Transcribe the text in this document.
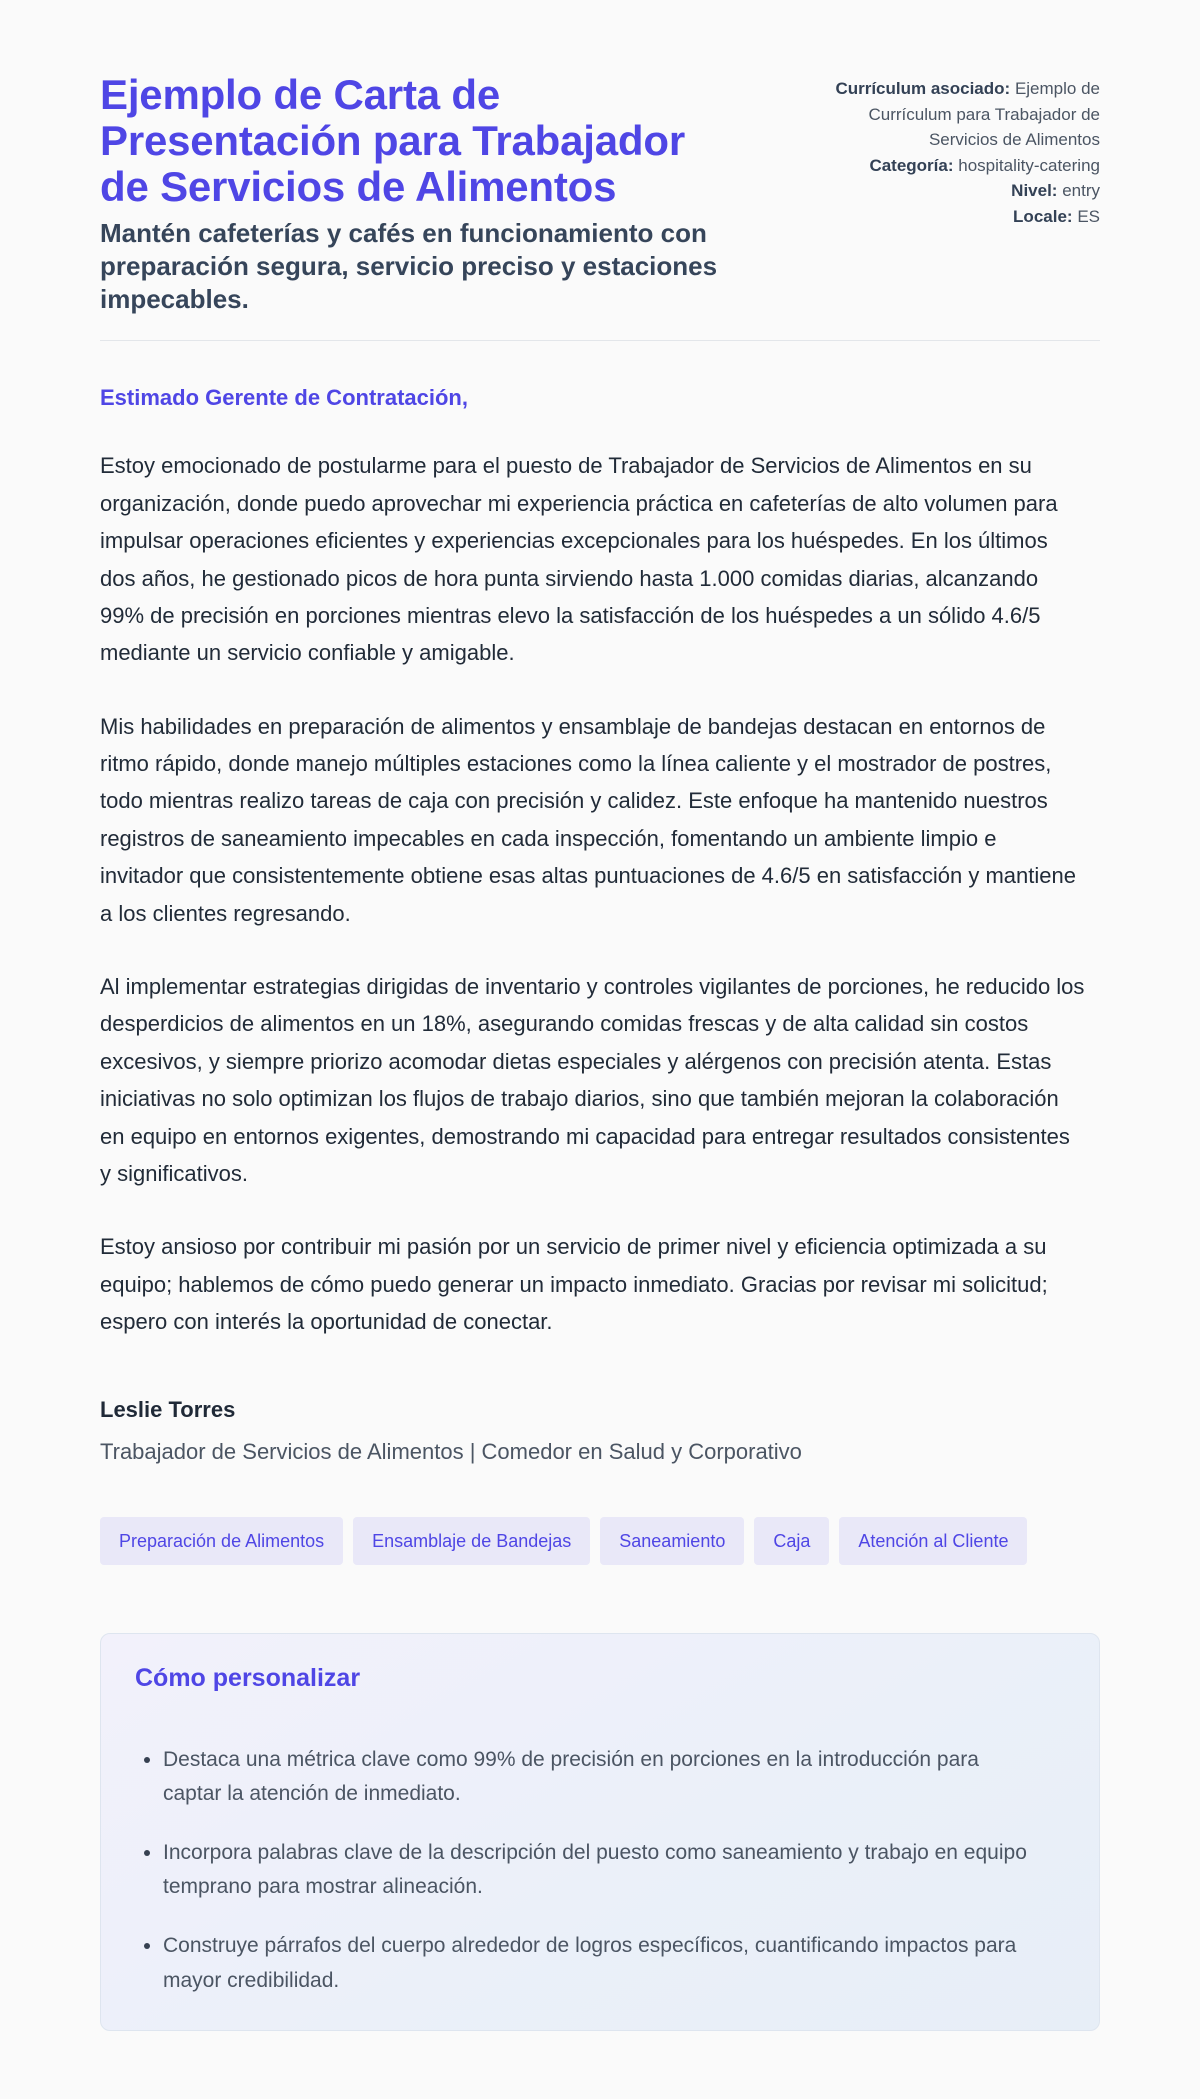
Ejemplo de Carta de Presentación para Trabajador de Servicios de Alimentos

Mantén cafeterías y cafés en funcionamiento con preparación segura, servicio preciso y estaciones impecables.

Currículum asociado: Ejemplo de Currículum para Trabajador de Servicios de Alimentos
Categoría: hospitality-catering
Nivel: entry
Locale: ES

Estimado Gerente de Contratación,

Estoy emocionado de postularme para el puesto de Trabajador de Servicios de Alimentos en su organización, donde puedo aprovechar mi experiencia práctica en cafeterías de alto volumen para impulsar operaciones eficientes y experiencias excepcionales para los huéspedes. En los últimos dos años, he gestionado picos de hora punta sirviendo hasta 1.000 comidas diarias, alcanzando 99% de precisión en porciones mientras elevo la satisfacción de los huéspedes a un sólido 4.6/5 mediante un servicio confiable y amigable.

Mis habilidades en preparación de alimentos y ensamblaje de bandejas destacan en entornos de ritmo rápido, donde manejo múltiples estaciones como la línea caliente y el mostrador de postres, todo mientras realizo tareas de caja con precisión y calidez. Este enfoque ha mantenido nuestros registros de saneamiento impecables en cada inspección, fomentando un ambiente limpio e invitador que consistentemente obtiene esas altas puntuaciones de 4.6/5 en satisfacción y mantiene a los clientes regresando.

Al implementar estrategias dirigidas de inventario y controles vigilantes de porciones, he reducido los desperdicios de alimentos en un 18%, asegurando comidas frescas y de alta calidad sin costos excesivos, y siempre priorizo acomodar dietas especiales y alérgenos con precisión atenta. Estas iniciativas no solo optimizan los flujos de trabajo diarios, sino que también mejoran la colaboración en equipo en entornos exigentes, demostrando mi capacidad para entregar resultados consistentes y significativos.

Estoy ansioso por contribuir mi pasión por un servicio de primer nivel y eficiencia optimizada a su equipo; hablemos de cómo puedo generar un impacto inmediato. Gracias por revisar mi solicitud; espero con interés la oportunidad de conectar.

Leslie Torres

Trabajador de Servicios de Alimentos | Comedor en Salud y Corporativo

Preparación de Alimentos	Ensamblaje de Bandejas	Saneamiento	Caja	Atención al Cliente
Cómo personalizar
• Destaca una métrica clave como 99% de precisión en porciones en la introducción para captar la atención de inmediato.
• Incorpora palabras clave de la descripción del puesto como saneamiento y trabajo en equipo temprano para mostrar alineación.
• Construye párrafos del cuerpo alrededor de logros específicos, cuantificando impactos para mayor credibilidad.
